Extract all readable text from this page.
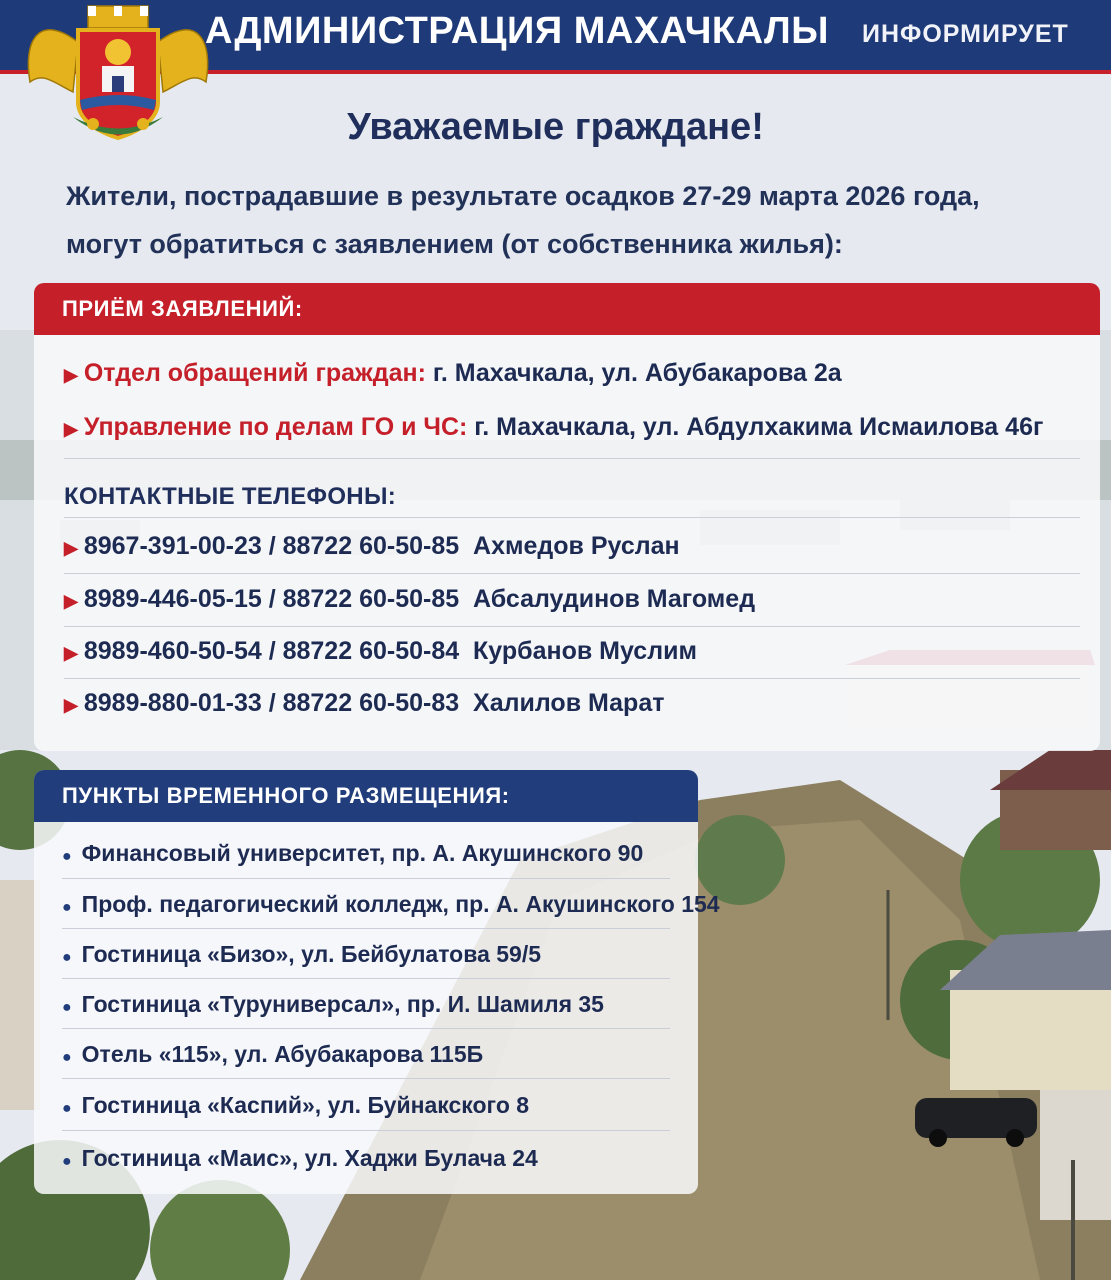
АДМИНИСТРАЦИЯ МАХАЧКАЛЫ ИНФОРМИРУЕТ
Уважаемые граждане!
Жители, пострадавшие в результате осадков 27-29 марта 2026 года,
могут обратиться с заявлением (от собственника жилья):
ПРИЁМ ЗАЯВЛЕНИЙ:
▶ Отдел обращений граждан: г. Махачкала, ул. Абубакарова 2а
▶ Управление по делам ГО и ЧС: г. Махачкала, ул. Абдулхакима Исмаилова 46г
КОНТАКТНЫЕ ТЕЛЕФОНЫ:
▶ 8967-391-00-23 / 88722 60-50-85 Ахмедов Руслан
▶ 8989-446-05-15 / 88722 60-50-85 Абсалудинов Магомед
▶ 8989-460-50-54 / 88722 60-50-84 Курбанов Муслим
▶ 8989-880-01-33 / 88722 60-50-83 Халилов Марат
ПУНКТЫ ВРЕМЕННОГО РАЗМЕЩЕНИЯ:
● Финансовый университет, пр. А. Акушинского 90
● Проф. педагогический колледж, пр. А. Акушинского 154
● Гостиница «Бизо», ул. Бейбулатова 59/5
● Гостиница «Туруниверсал», пр. И. Шамиля 35
● Отель «115», ул. Абубакарова 115Б
● Гостиница «Каспий», ул. Буйнакского 8
● Гостиница «Маис», ул. Хаджи Булача 24
